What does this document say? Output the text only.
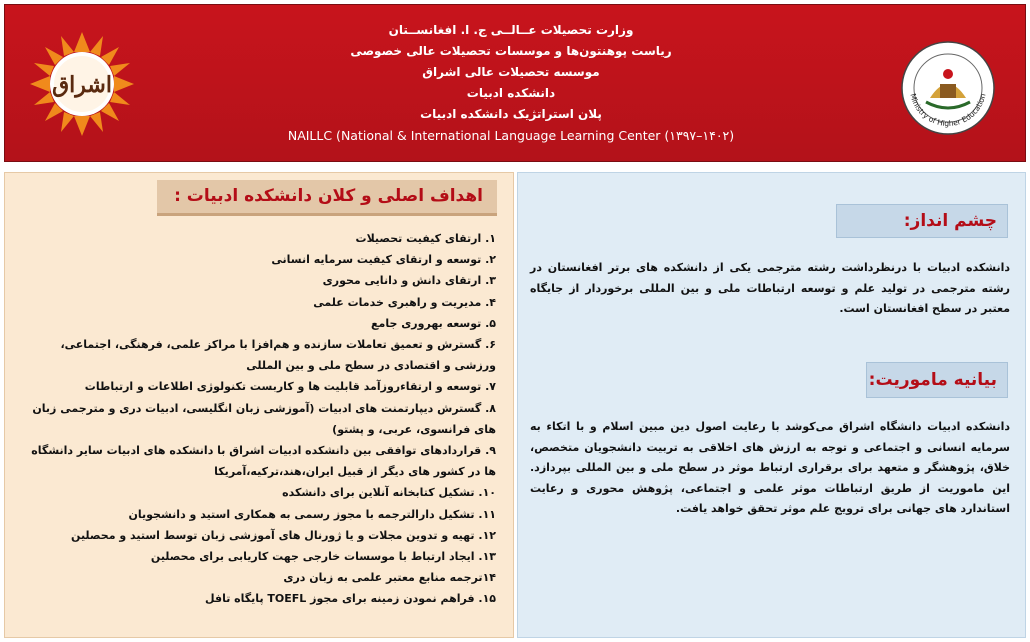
اشراق	Ministry of Higher Education
وزارت تحصیلات عــالــی ج. ا. افغانســتان
ریاست پوهنتون‌ها و موسسات تحصیلات عالی خصوصی
موسسه تحصیلات عالی اشراق
دانشکده ادبیات
پلان استراتژیک دانشکده ادبیات
NAILLC (National & International Language Learning Center (۱۳۹۷–۱۴۰۲)
اهداف اصلی و کلان دانشکده ادبیات :
۱. ارتقای کیفیت تحصیلات
۲. توسعه و ارتقای کیفیت سرمایه انسانی
۳. ارتقای دانش و دانایی محوری
۴. مدیریت و راهبری خدمات علمی
۵. توسعه بهروری جامع
۶. گسترش و تعمیق تعاملات سازنده و هم‌افزا با مراکز علمی، فرهنگی، اجتماعی، ورزشی و اقتصادی در سطح ملی و بین المللی
۷. توسعه و ارتقاء‌روزآمد قابلیت ها و کاربست تکنولوژی اطلاعات و ارتباطات
۸. گسترش دیپارتمنت های ادبیات (آموزشی زبان انگلیسی، ادبیات دری و مترجمی زبان های فرانسوی، عربی، و پشتو)
۹. قراردادهای توافقی بین دانشکده ادبیات اشراق با دانشکده های ادبیات سایر دانشگاه ها در کشور های دیگر از قبیل ایران،هند،ترکیه،آمریکا
۱۰. تشکیل کتابخانه آنلاین برای دانشکده
۱۱. تشکیل دارالترجمه با مجوز رسمی به همکاری استید و دانشجویان
۱۲. تهیه و تدوین مجلات و یا ژورنال های آموزشی زبان توسط استید و محصلین
۱۳. ایجاد ارتباط با موسسات خارجی جهت کاریابی برای محصلین
۱۴ترجمه منابع معتبر علمی به زبان دری
۱۵. فراهم نمودن زمینه برای مجوز TOEFL پایگاه تافل
چشم انداز:

دانشکده ادبیات با درنظرداشت رشته مترجمی یکی از دانشکده های برتر افغانستان در رشته مترجمی در تولید علم و توسعه ارتباطات ملی و بین المللی برخوردار از جایگاه معتبر در سطح افغانستان است.

بیانیه ماموریت:

دانشکده ادبیات دانشگاه اشراق می‌کوشد با رعایت اصول دین مبین اسلام و با اتکاء به سرمایه انسانی و اجتماعی و توجه به ارزش های اخلاقی به تربیت دانشجویان متخصص، خلاق، پژوهشگر و متعهد برای برقراری ارتباط موثر در سطح ملی و بین المللی بپردازد. این ماموریت از طریق ارتباطات موثر علمی و اجتماعی، پژوهش محوری و رعایت استاندارد های جهانی برای ترویج علم موثر تحقق خواهد یافت.
